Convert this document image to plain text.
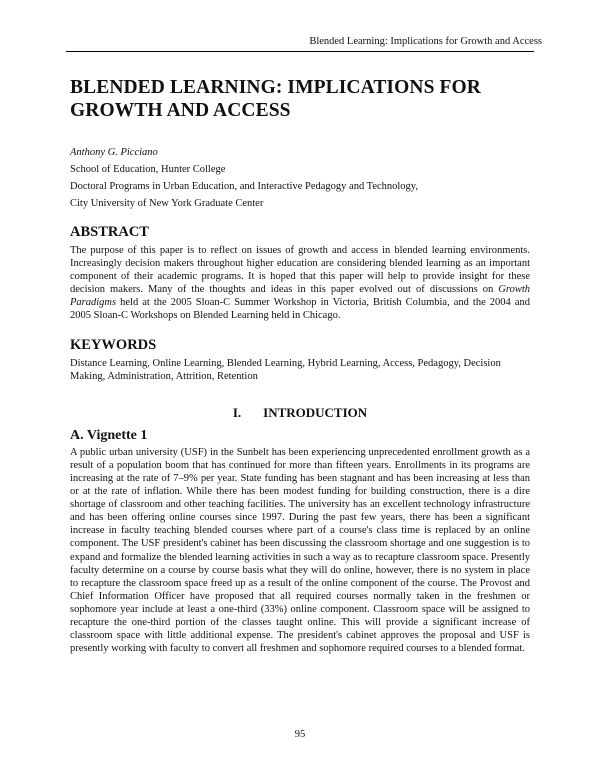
Blended Learning: Implications for Growth and Access
BLENDED LEARNING: IMPLICATIONS FOR GROWTH AND ACCESS
Anthony G. Picciano
School of Education, Hunter College
Doctoral Programs in Urban Education, and Interactive Pedagogy and Technology,
City University of New York Graduate Center
ABSTRACT

The purpose of this paper is to reflect on issues of growth and access in blended learning environments. Increasingly decision makers throughout higher education are considering blended learning as an important component of their academic programs. It is hoped that this paper will help to provide insight for these decision makers. Many of the thoughts and ideas in this paper evolved out of discussions on Growth Paradigms held at the 2005 Sloan-C Summer Workshop in Victoria, British Columbia, and the 2004 and 2005 Sloan-C Workshops on Blended Learning held in Chicago.

KEYWORDS

Distance Learning, Online Learning, Blended Learning, Hybrid Learning, Access, Pedagogy, Decision Making, Administration, Attrition, Retention

I. INTRODUCTION
A. Vignette 1

A public urban university (USF) in the Sunbelt has been experiencing unprecedented enrollment growth as a result of a population boom that has continued for more than fifteen years. Enrollments in its programs are increasing at the rate of 7–9% per year. State funding has been stagnant and has been increasing at less than or at the rate of inflation. While there has been modest funding for building construction, there is a dire shortage of classroom and other teaching facilities. The university has an excellent technology infrastructure and has been offering online courses since 1997. During the past few years, there has been a significant increase in faculty teaching blended courses where part of a course's class time is replaced by an online component. The USF president's cabinet has been discussing the classroom shortage and one suggestion is to expand and formalize the blended learning activities in such a way as to recapture classroom space. Presently faculty determine on a course by course basis what they will do online, however, there is no system in place to recapture the classroom space freed up as a result of the online component of the course. The Provost and Chief Information Officer have proposed that all required courses normally taken in the freshmen or sophomore year include at least a one-third (33%) online component. Classroom space will be assigned to recapture the one-third portion of the classes taught online. This will provide a significant increase of classroom space with little additional expense. The president's cabinet approves the proposal and USF is presently working with faculty to convert all freshmen and sophomore required courses to a blended format.

95
